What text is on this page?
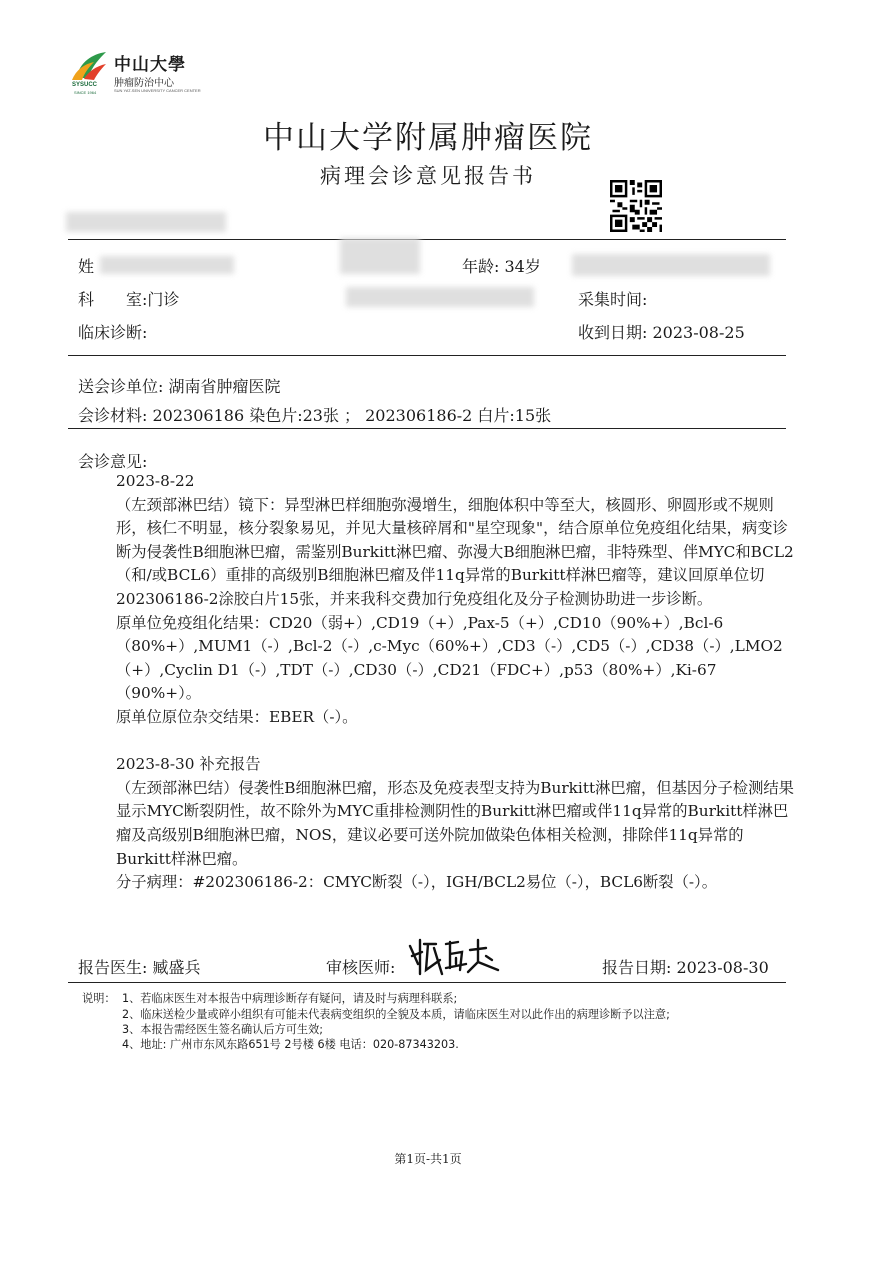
中山大學
肿瘤防治中心
SUN YAT-SEN UNIVERSITY CANCER CENTER
SYSUCC
SINCE 1964
中山大学附属肿瘤医院
病理会诊意见报告书
姓	年龄: 34岁
科　　室:门诊	采集时间:
临床诊断:	收到日期: 2023-08-25
送会诊单位: 湖南省肿瘤医院
会诊材料: 202306186 染色片:23张 ； 202306186-2 白片:15张
会诊意见:

2023-8-22

（左颈部淋巴结）镜下：异型淋巴样细胞弥漫增生，细胞体积中等至大，核圆形、卵圆形或不规则形，核仁不明显，核分裂象易见，并见大量核碎屑和"星空现象"，结合原单位免疫组化结果，病变诊断为侵袭性B细胞淋巴瘤，需鉴别Burkitt淋巴瘤、弥漫大B细胞淋巴瘤，非特殊型、伴MYC和BCL2（和/或BCL6）重排的高级别B细胞淋巴瘤及伴11q异常的Burkitt样淋巴瘤等，建议回原单位切202306186-2涂胶白片15张，并来我科交费加行免疫组化及分子检测协助进一步诊断。

原单位免疫组化结果：CD20（弱+）,CD19（+）,Pax-5（+）,CD10（90%+）,Bcl-6（80%+）,MUM1（-）,Bcl-2（-）,c-Myc（60%+）,CD3（-）,CD5（-）,CD38（-）,LMO2（+）,Cyclin D1（-）,TDT（-）,CD30（-）,CD21（FDC+）,p53（80%+）,Ki-67（90%+）。

原单位原位杂交结果：EBER（-）。

2023-8-30 补充报告

（左颈部淋巴结）侵袭性B细胞淋巴瘤，形态及免疫表型支持为Burkitt淋巴瘤，但基因分子检测结果显示MYC断裂阴性，故不除外为MYC重排检测阴性的Burkitt淋巴瘤或伴11q异常的Burkitt样淋巴瘤及高级别B细胞淋巴瘤，NOS，建议必要可送外院加做染色体相关检测，排除伴11q异常的Burkitt样淋巴瘤。

分子病理：#202306186-2：CMYC断裂（-），IGH/BCL2易位（-），BCL6断裂（-）。

报告医生: 臧盛兵	审核医师:	报告日期: 2023-08-30
说明： 1、若临床医生对本报告中病理诊断存有疑问，请及时与病理科联系;
2、临床送检少量或碎小组织有可能未代表病变组织的全貌及本质，请临床医生对以此作出的病理诊断予以注意;
3、本报告需经医生签名确认后方可生效;
4、地址: 广州市东风东路651号 2号楼 6楼 电话：020-87343203.
第1页-共1页
